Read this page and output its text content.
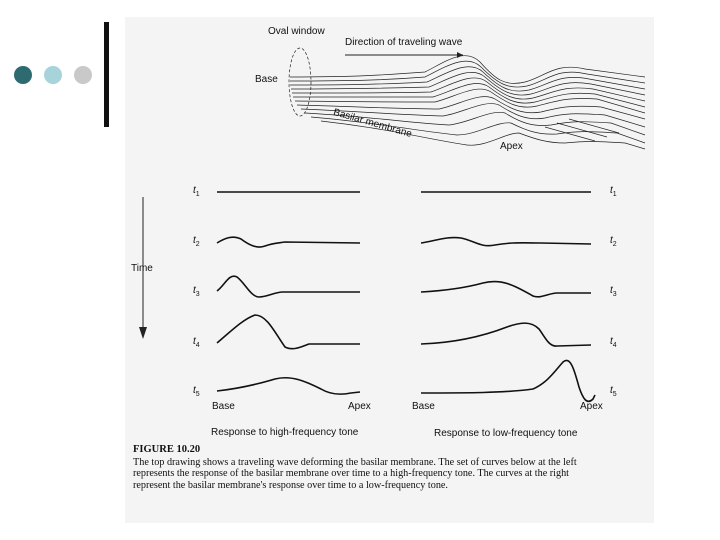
Oval window
Direction of traveling wave
Base
Basilar membrane
Apex
Time
$t_1$
$t_2$
$t_3$
$t_4$
$t_5$
$t_1$
$t_2$
$t_3$
$t_4$
$t_5$
Base	Apex	Base	Apex
Response to high-frequency tone	Response to low-frequency tone
FIGURE 10.20
The top drawing shows a traveling wave deforming the basilar membrane. The set of curves below at the left represents the response of the basilar membrane over time to a high-frequency tone. The curves at the right represent the basilar membrane's response over time to a low-frequency tone.
